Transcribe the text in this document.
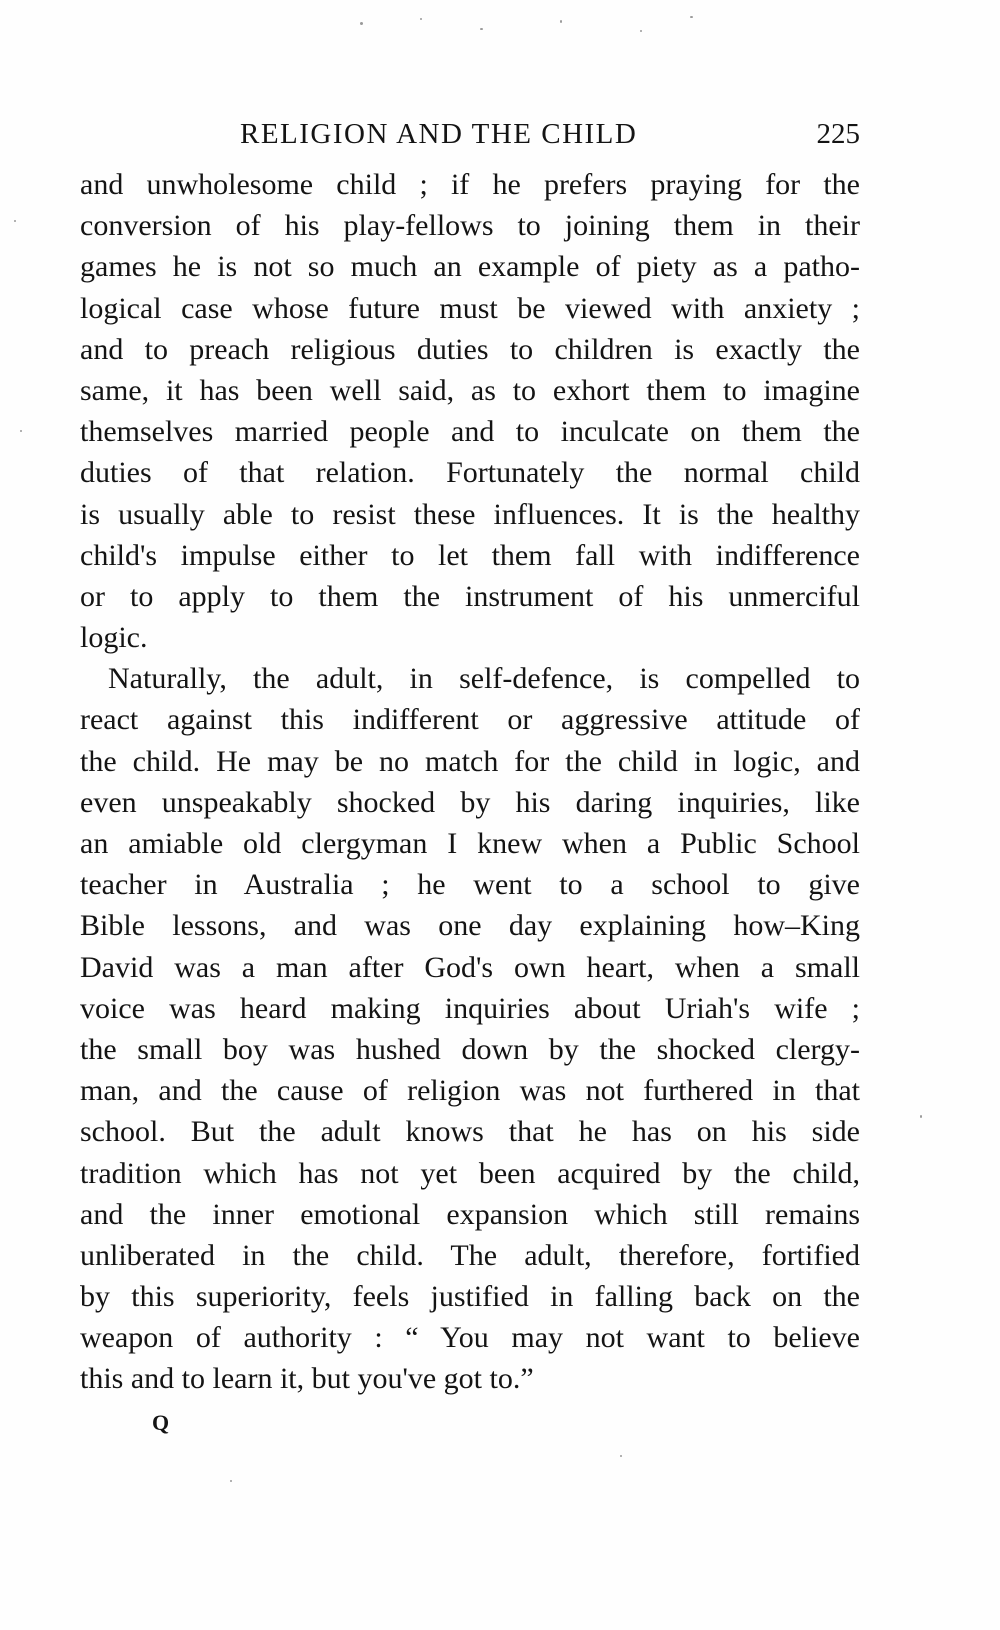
RELIGION AND THE CHILD	225

and unwholesome child ; if he prefers praying for the
conversion of his play-fellows to joining them in their
games he is not so much an example of piety as a patho-
logical case whose future must be viewed with anxiety ;
and to preach religious duties to children is exactly the
same, it has been well said, as to exhort them to imagine
themselves married people and to inculcate on them the
duties of that relation. Fortunately the normal child
is usually able to resist these influences. It is the healthy
child's impulse either to let them fall with indifference
or to apply to them the instrument of his unmerciful
logic.

Naturally, the adult, in self-defence, is compelled to
react against this indifferent or aggressive attitude of
the child. He may be no match for the child in logic, and
even unspeakably shocked by his daring inquiries, like
an amiable old clergyman I knew when a Public School
teacher in Australia ; he went to a school to give
Bible lessons, and was one day explaining how–King
David was a man after God's own heart, when a small
voice was heard making inquiries about Uriah's wife ;
the small boy was hushed down by the shocked clergy-
man, and the cause of religion was not furthered in that
school. But the adult knows that he has on his side
tradition which has not yet been acquired by the child,
and the inner emotional expansion which still remains
unliberated in the child. The adult, therefore, fortified
by this superiority, feels justified in falling back on the
weapon of authority : “ You may not want to believe
this and to learn it, but you've got to.”

Q
